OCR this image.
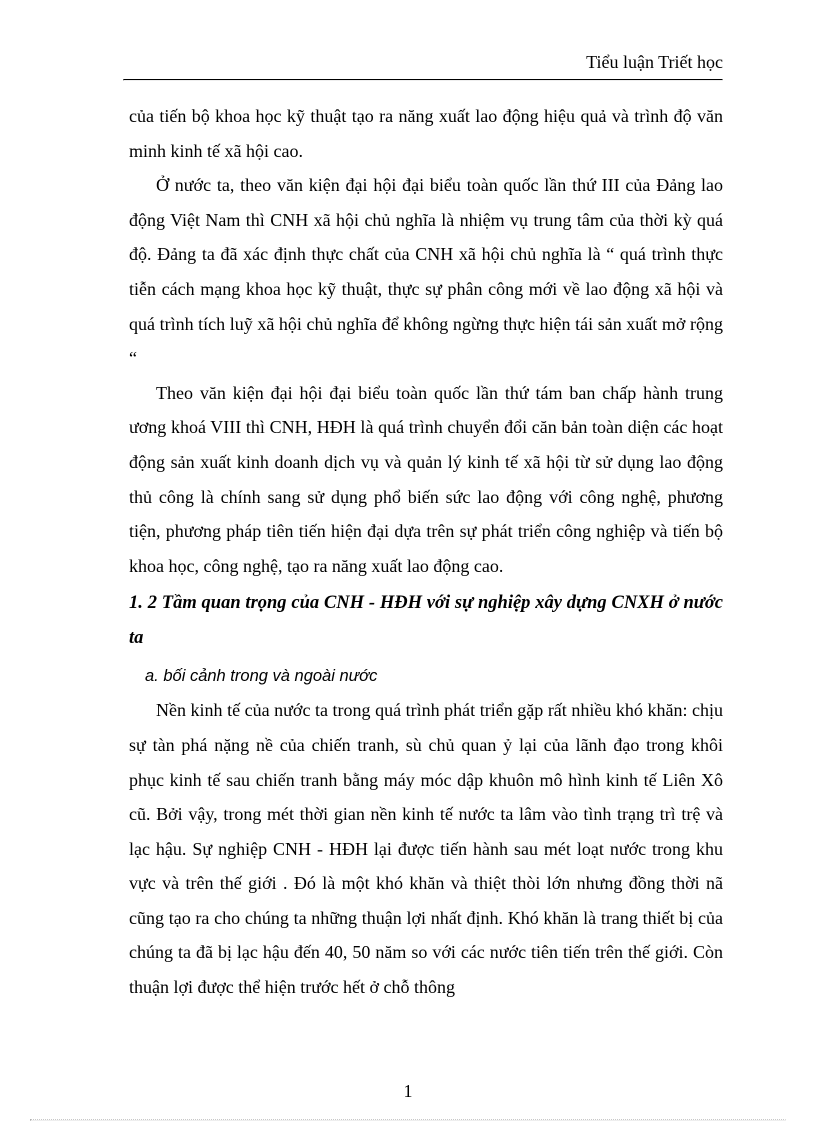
Tiểu luận Triết học

của tiến bộ khoa học kỹ thuật tạo ra năng xuất lao động hiệu quả và trình độ văn minh kinh tế xã hội cao.

Ở nước ta, theo văn kiện đại hội đại biểu toàn quốc lần thứ III của Đảng lao động Việt Nam thì CNH xã hội chủ nghĩa là nhiệm vụ trung tâm của thời kỳ quá độ. Đảng ta đã xác định thực chất của CNH xã hội chủ nghĩa là “ quá trình thực tiễn cách mạng khoa học kỹ thuật, thực sự phân công mới về lao động xã hội và quá trình tích luỹ xã hội chủ nghĩa để không ngừng thực hiện tái sản xuất mở rộng “

Theo văn kiện đại hội đại biểu toàn quốc lần thứ tám ban chấp hành trung ương khoá VIII thì CNH, HĐH là quá trình chuyển đổi căn bản toàn diện các hoạt động sản xuất kinh doanh dịch vụ và quản lý kinh tế xã hội từ sử dụng lao động thủ công là chính sang sử dụng phổ biến sức lao động với công nghệ, phương tiện, phương pháp tiên tiến hiện đại dựa trên sự phát triển công nghiệp và tiến bộ khoa học, công nghệ, tạo ra năng xuất lao động cao.

1. 2 Tầm quan trọng của CNH - HĐH với sự nghiệp xây dựng CNXH ở nước ta

a. bối cảnh trong và ngoài nước

Nền kinh tế của nước ta trong quá trình phát triển gặp rất nhiều khó khăn: chịu sự tàn phá nặng nề của chiến tranh, sù chủ quan ỷ lại của lãnh đạo trong khôi phục kinh tế sau chiến tranh bằng máy móc dập khuôn mô hình kinh tế Liên Xô cũ. Bởi vậy, trong mét thời gian nền kinh tế nước ta lâm vào tình trạng trì trệ và lạc hậu. Sự nghiệp CNH - HĐH lại được tiến hành sau mét loạt nước trong khu vực và trên thế giới . Đó là một khó khăn và thiệt thòi lớn nhưng đồng thời nã cũng tạo ra cho chúng ta những thuận lợi nhất định. Khó khăn là trang thiết bị của chúng ta đã bị lạc hậu đến 40, 50 năm so với các nước tiên tiến trên thế giới. Còn thuận lợi được thể hiện trước hết ở chỗ thông

1
